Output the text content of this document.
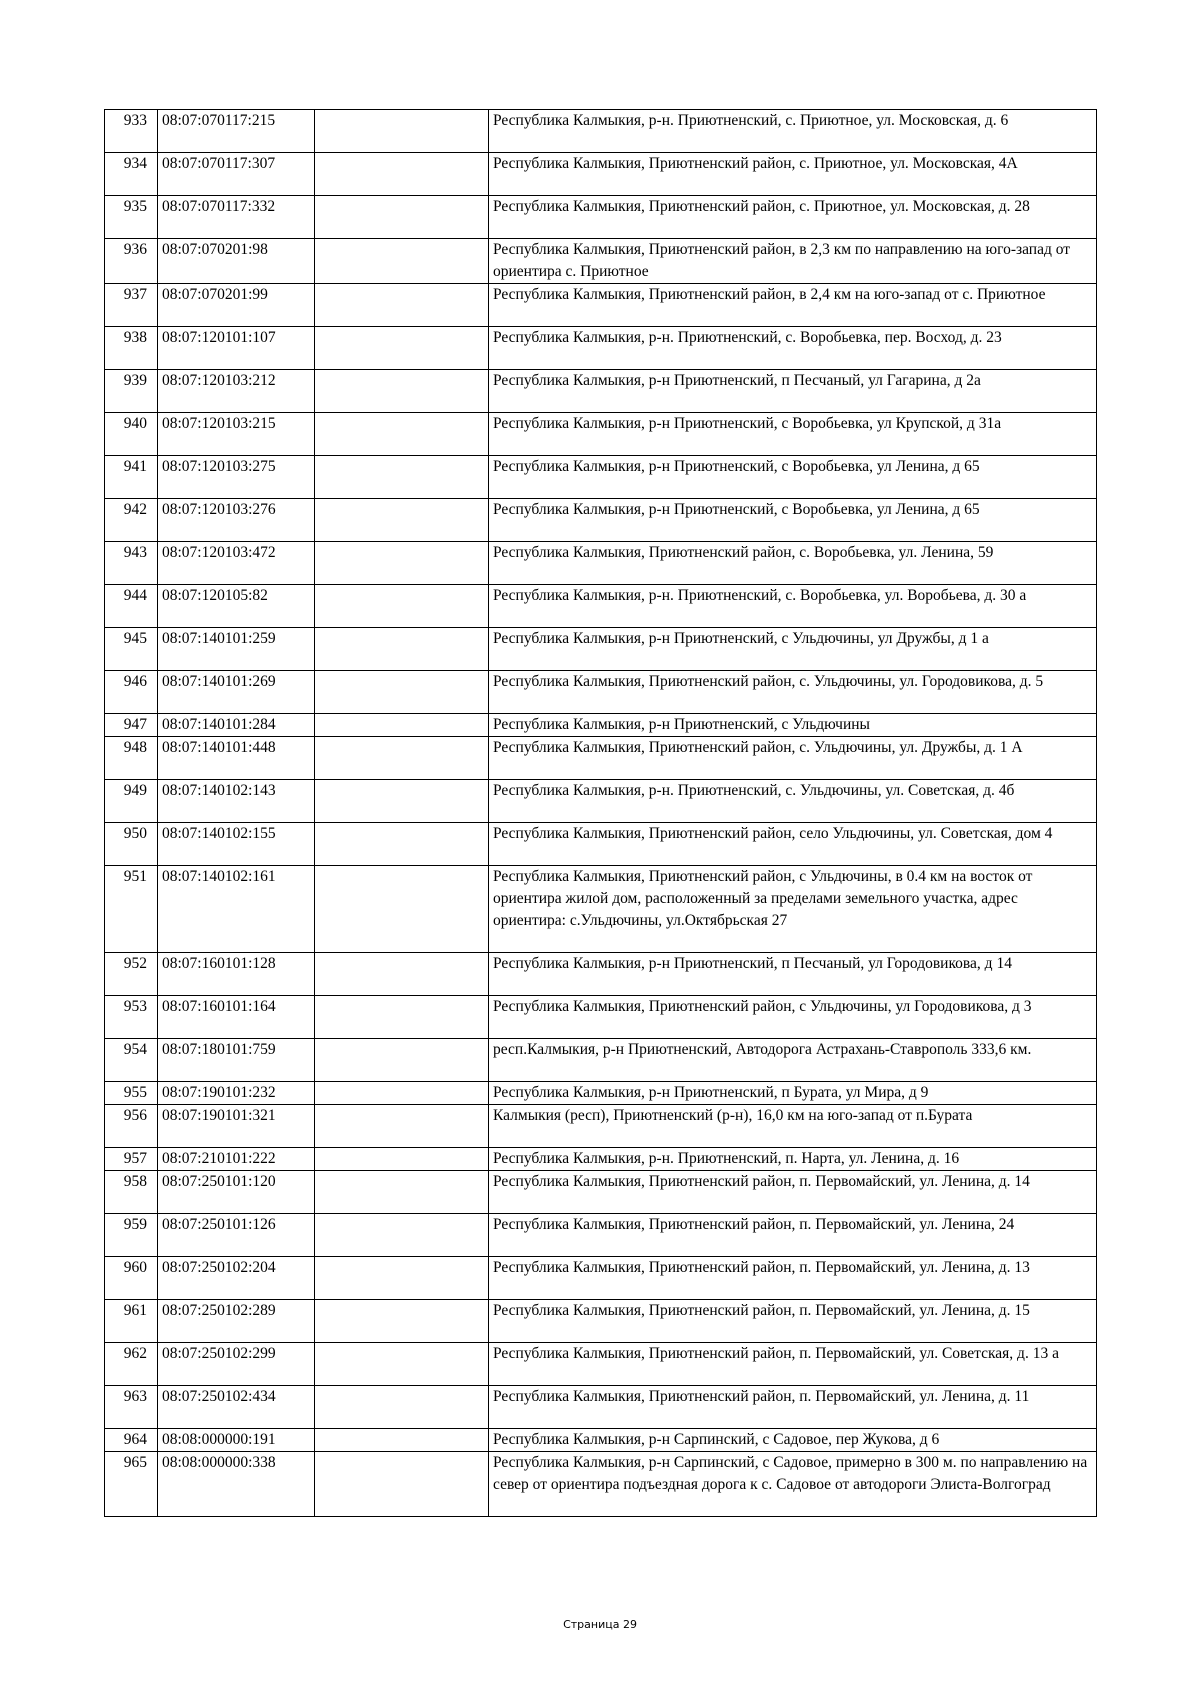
933	08:07:070117:215		Республика Калмыкия, р-н. Приютненский, с. Приютное, ул. Московская, д. 6
934	08:07:070117:307		Республика Калмыкия, Приютненский район, с. Приютное, ул. Московская, 4А
935	08:07:070117:332		Республика Калмыкия, Приютненский район, с. Приютное, ул. Московская, д. 28
936	08:07:070201:98		Республика Калмыкия, Приютненский район, в 2,3 км по направлению на юго-запад от ориентира с. Приютное
937	08:07:070201:99		Республика Калмыкия, Приютненский район, в 2,4 км на юго-запад от с. Приютное
938	08:07:120101:107		Республика Калмыкия, р-н. Приютненский, с. Воробьевка, пер. Восход, д. 23
939	08:07:120103:212		Республика Калмыкия, р-н Приютненский, п Песчаный, ул Гагарина, д 2а
940	08:07:120103:215		Республика Калмыкия, р-н Приютненский, с Воробьевка, ул Крупской, д 31а
941	08:07:120103:275		Республика Калмыкия, р-н Приютненский, с Воробьевка, ул Ленина, д 65
942	08:07:120103:276		Республика Калмыкия, р-н Приютненский, с Воробьевка, ул Ленина, д 65
943	08:07:120103:472		Республика Калмыкия, Приютненский район, с. Воробьевка, ул. Ленина, 59
944	08:07:120105:82		Республика Калмыкия, р-н. Приютненский, с. Воробьевка, ул. Воробьева, д. 30 а
945	08:07:140101:259		Республика Калмыкия, р-н Приютненский, с Ульдючины, ул Дружбы, д 1 а
946	08:07:140101:269		Республика Калмыкия, Приютненский район, с. Ульдючины, ул. Городовикова, д. 5
947	08:07:140101:284		Республика Калмыкия, р-н Приютненский, с Ульдючины
948	08:07:140101:448		Республика Калмыкия, Приютненский район, с. Ульдючины, ул. Дружбы, д. 1 А
949	08:07:140102:143		Республика Калмыкия, р-н. Приютненский, с. Ульдючины, ул. Советская, д. 4б
950	08:07:140102:155		Республика Калмыкия, Приютненский район, село Ульдючины, ул. Советская, дом 4
951	08:07:140102:161		Республика Калмыкия, Приютненский район, с Ульдючины, в 0.4 км на восток от ориентира жилой дом, расположенный за пределами земельного участка, адрес ориентира: с.Ульдючины, ул.Октябрьская 27
952	08:07:160101:128		Республика Калмыкия, р-н Приютненский, п Песчаный, ул Городовикова, д 14
953	08:07:160101:164		Республика Калмыкия, Приютненский район, с Ульдючины, ул Городовикова, д 3
954	08:07:180101:759		респ.Калмыкия, р-н Приютненский, Автодорога Астрахань-Ставрополь 333,6 км.
955	08:07:190101:232		Республика Калмыкия, р-н Приютненский, п Бурата, ул Мира, д 9
956	08:07:190101:321		Калмыкия (респ), Приютненский (р-н), 16,0 км на юго-запад от п.Бурата
957	08:07:210101:222		Республика Калмыкия, р-н. Приютненский, п. Нарта, ул. Ленина, д. 16
958	08:07:250101:120		Республика Калмыкия, Приютненский район, п. Первомайский, ул. Ленина, д. 14
959	08:07:250101:126		Республика Калмыкия, Приютненский район, п. Первомайский, ул. Ленина, 24
960	08:07:250102:204		Республика Калмыкия, Приютненский район, п. Первомайский, ул. Ленина, д. 13
961	08:07:250102:289		Республика Калмыкия, Приютненский район, п. Первомайский, ул. Ленина, д. 15
962	08:07:250102:299		Республика Калмыкия, Приютненский район, п. Первомайский, ул. Советская, д. 13 а
963	08:07:250102:434		Республика Калмыкия, Приютненский район, п. Первомайский, ул. Ленина, д. 11
964	08:08:000000:191		Республика Калмыкия, р-н Сарпинский, с Садовое, пер Жукова, д 6
965	08:08:000000:338		Республика Калмыкия, р-н Сарпинский, с Садовое, примерно в 300 м. по направлению на север от ориентира подъездная дорога к с. Садовое от автодороги Элиста-Волгоград
Страница 29
